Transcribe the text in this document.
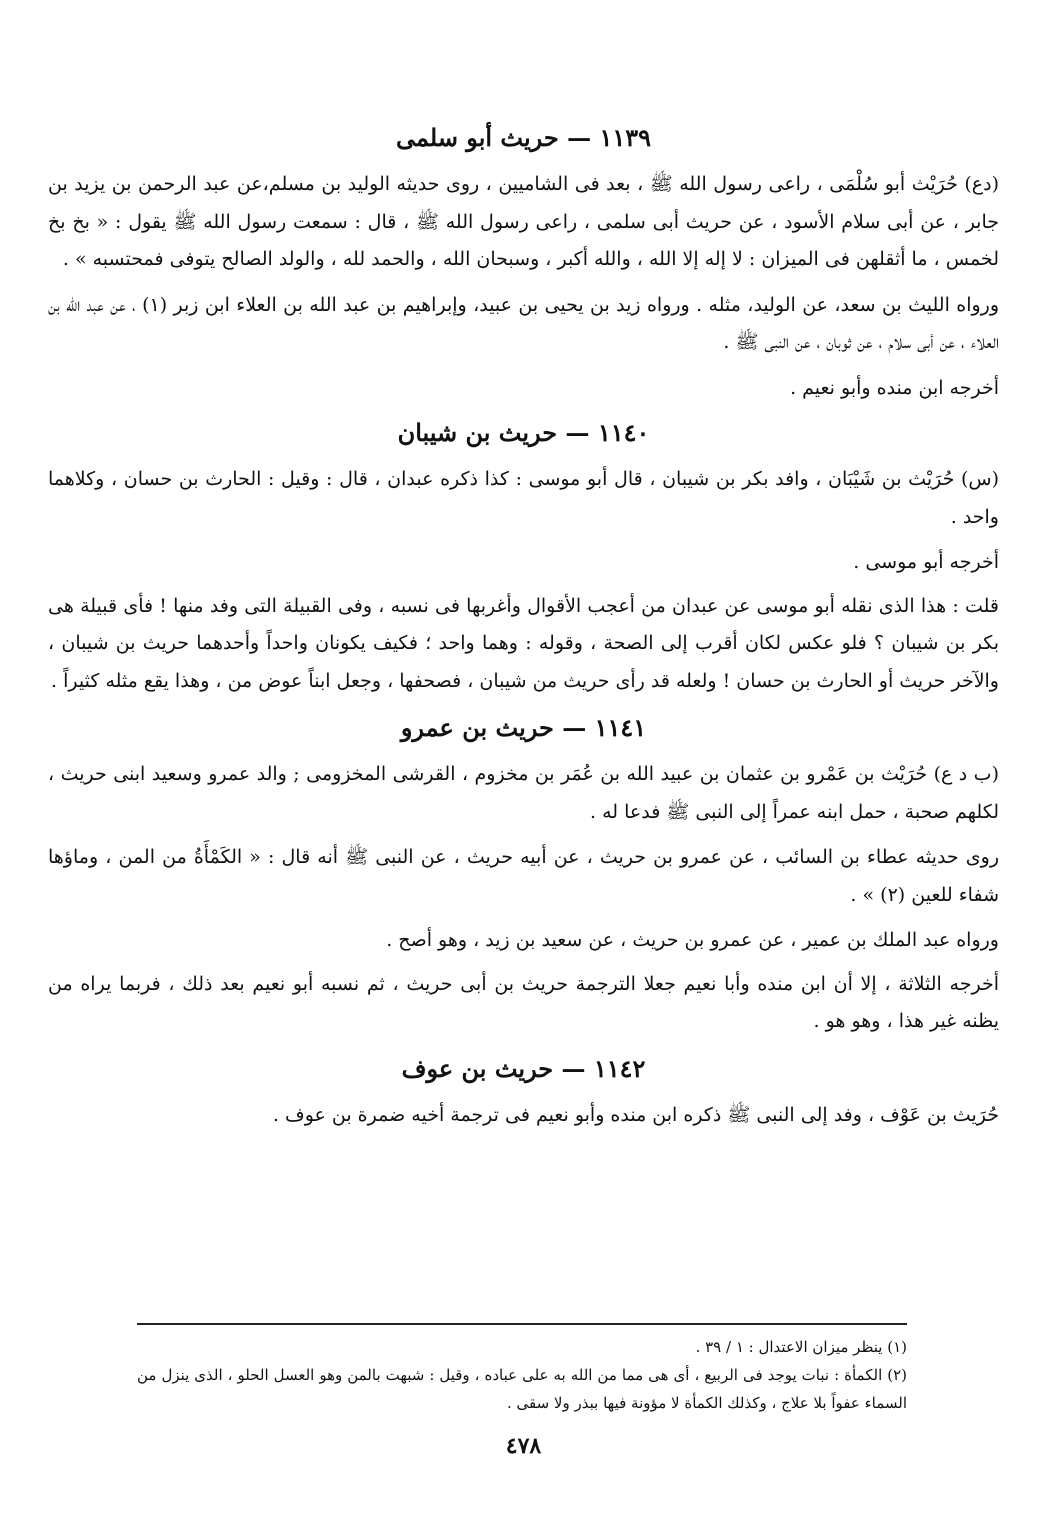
١١٣٩ — حريث أبو سلمى

(دع) حُرَيْث أبو سُلْمَى ، راعى رسول الله ﷺ ، بعد فى الشاميين ، روى حديثه الوليد بن مسلم،عن عبد الرحمن بن يزيد بن جابر ، عن أبى سلام الأسود ، عن حريث أبى سلمى ، راعى رسول الله ﷺ ، قال : سمعت رسول الله ﷺ يقول : « بخ بخ لخمس ، ما أثقلهن فى الميزان : لا إله إلا الله ، والله أكبر ، وسبحان الله ، والحمد لله ، والولد الصالح يتوفى فمحتسبه » .

ورواه الليث بن سعد، عن الوليد، مثله . ورواه زيد بن يحيى بن عبيد، وإبراهيم بن عبد الله بن العلاء ابن زبر (١) ، عن عبد الله بن العلاء ، عن أبى سلام ، عن ثوبان ، عن النبى ﷺ .

أخرجه ابن منده وأبو نعيم .

١١٤٠ — حريث بن شيبان

(س) حُرَيْث بن شَيْبَان ، وافد بكر بن شيبان ، قال أبو موسى : كذا ذكره عبدان ، قال : وقيل : الحارث بن حسان ، وكلاهما واحد .

أخرجه أبو موسى .

قلت : هذا الذى نقله أبو موسى عن عبدان من أعجب الأقوال وأغربها فى نسبه ، وفى القبيلة التى وفد منها ! فأى قبيلة هى بكر بن شيبان ؟ فلو عكس لكان أقرب إلى الصحة ، وقوله : وهما واحد ؛ فكيف يكونان واحداً وأحدهما حريث بن شيبان ، والآخر حريث أو الحارث بن حسان ! ولعله قد رأى حريث من شيبان ، فصحفها ، وجعل ابناً عوض من ، وهذا يقع مثله كثيراً .

١١٤١ — حريث بن عمرو

(ب د ع) حُرَيْث بن عَمْرو بن عثمان بن عبيد الله بن عُمَر بن مخزوم ، القرشى المخزومى ; والد عمرو وسعيد ابنى حريث ، لكلهم صحبة ، حمل ابنه عمراً إلى النبى ﷺ فدعا له .

روى حديثه عطاء بن السائب ، عن عمرو بن حريث ، عن أبيه حريث ، عن النبى ﷺ أنه قال : « الكَمْأَةُ من المن ، وماؤها شفاء للعين (٢) » .

ورواه عبد الملك بن عمير ، عن عمرو بن حريث ، عن سعيد بن زيد ، وهو أصح .

أخرجه الثلاثة ، إلا أن ابن منده وأبا نعيم جعلا الترجمة حريث بن أبى حريث ، ثم نسبه أبو نعيم بعد ذلك ، فربما يراه من يظنه غير هذا ، وهو هو .

١١٤٢ — حريث بن عوف

حُرَيث بن عَوْف ، وفد إلى النبى ﷺ ذكره ابن منده وأبو نعيم فى ترجمة أخيه ضمرة بن عوف .

(١) ينظر ميزان الاعتدال : ١ / ٣٩ .

(٢) الكمأة : نبات يوجد فى الربيع ، أى هى مما من الله به على عباده ، وقيل : شبهت بالمن وهو العسل الحلو ، الذى ينزل من السماء عفواً بلا علاج ، وكذلك الكمأة لا مؤونة فيها ببذر ولا سقى .

٤٧٨
